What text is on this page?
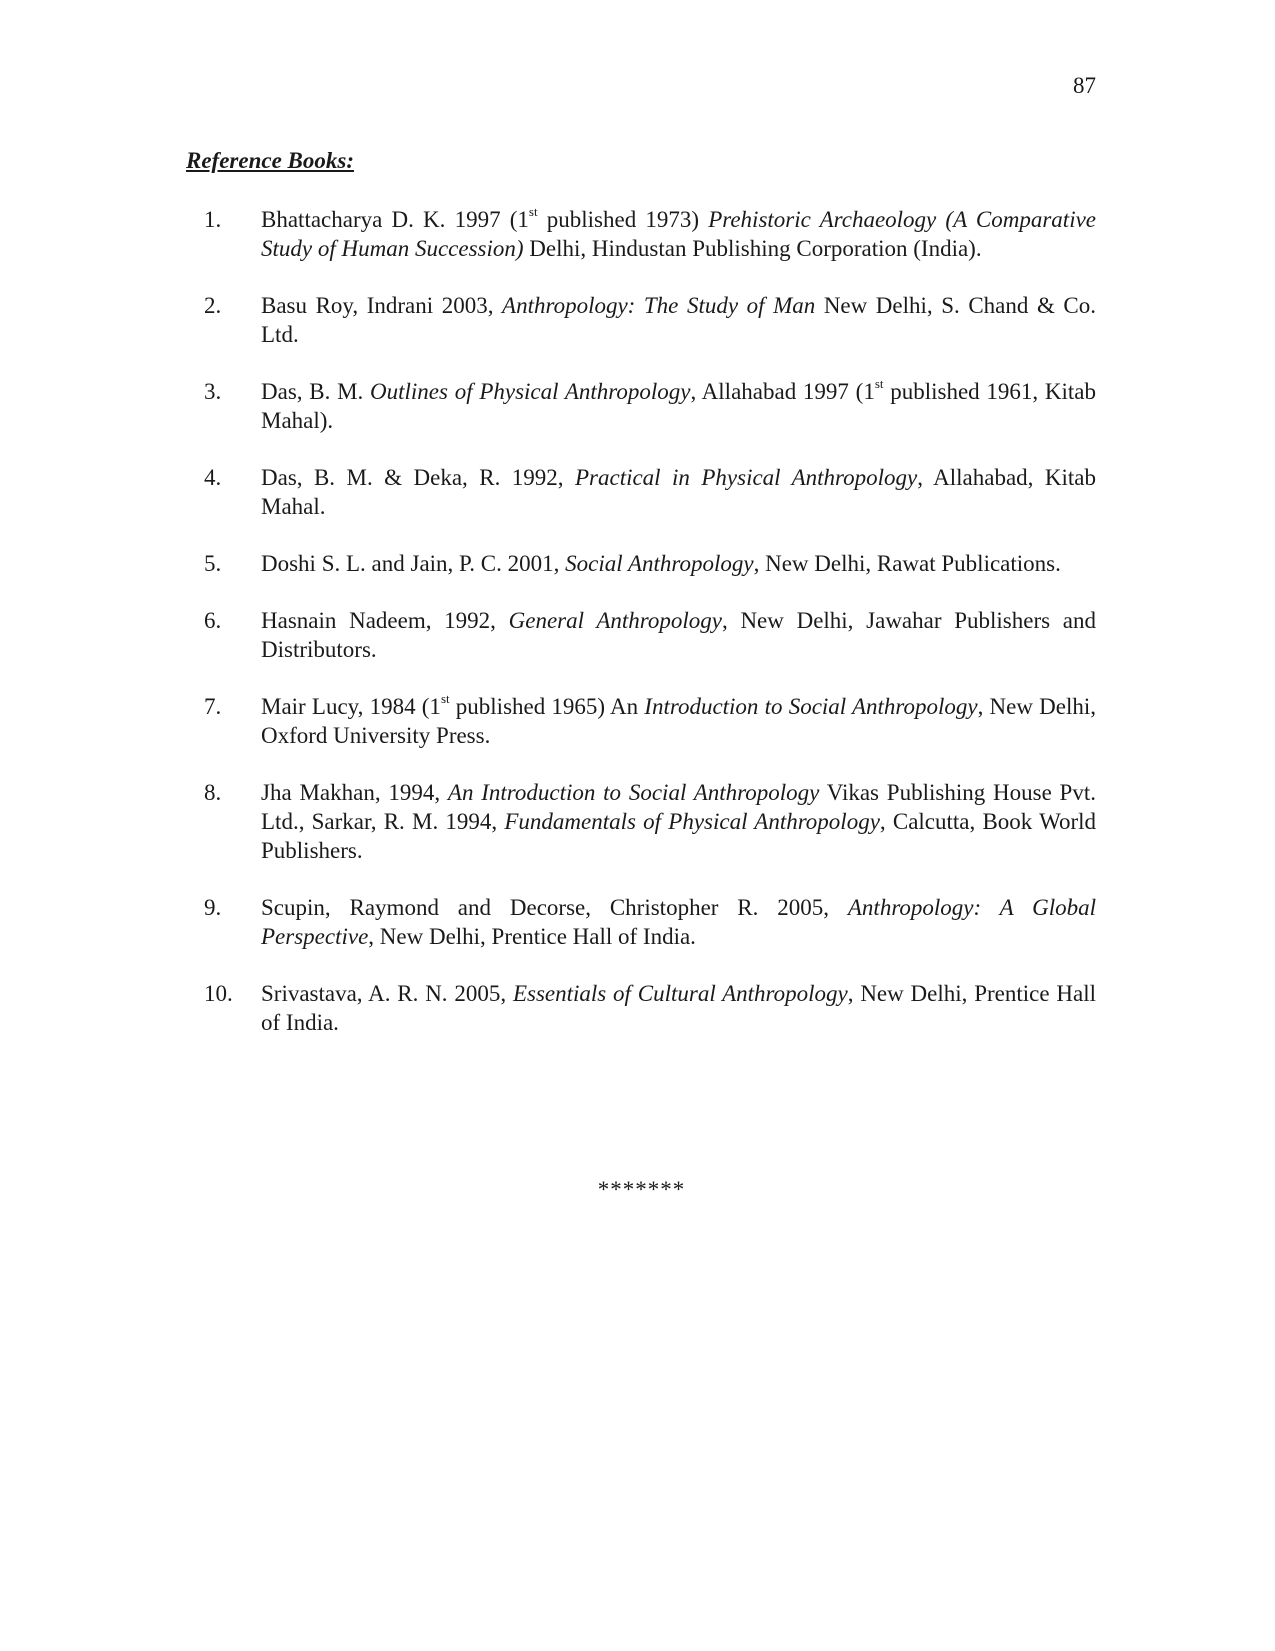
87
Reference Books:
1. Bhattacharya D. K. 1997 (1st published 1973) Prehistoric Archaeology (A Comparative Study of Human Succession) Delhi, Hindustan Publishing Corporation (India).
2. Basu Roy, Indrani 2003, Anthropology: The Study of Man New Delhi, S. Chand & Co. Ltd.
3. Das, B. M. Outlines of Physical Anthropology, Allahabad 1997 (1st published 1961, Kitab Mahal).
4. Das, B. M. & Deka, R. 1992, Practical in Physical Anthropology, Allahabad, Kitab Mahal.
5. Doshi S. L. and Jain, P. C. 2001, Social Anthropology, New Delhi, Rawat Publications.
6. Hasnain Nadeem, 1992, General Anthropology, New Delhi, Jawahar Publishers and Distributors.
7. Mair Lucy, 1984 (1st published 1965) An Introduction to Social Anthropology, New Delhi, Oxford University Press.
8. Jha Makhan, 1994, An Introduction to Social Anthropology Vikas Publishing House Pvt. Ltd., Sarkar, R. M. 1994, Fundamentals of Physical Anthropology, Calcutta, Book World Publishers.
9. Scupin, Raymond and Decorse, Christopher R. 2005, Anthropology: A Global Perspective, New Delhi, Prentice Hall of India.
10. Srivastava, A. R. N. 2005, Essentials of Cultural Anthropology, New Delhi, Prentice Hall of India.
*******
